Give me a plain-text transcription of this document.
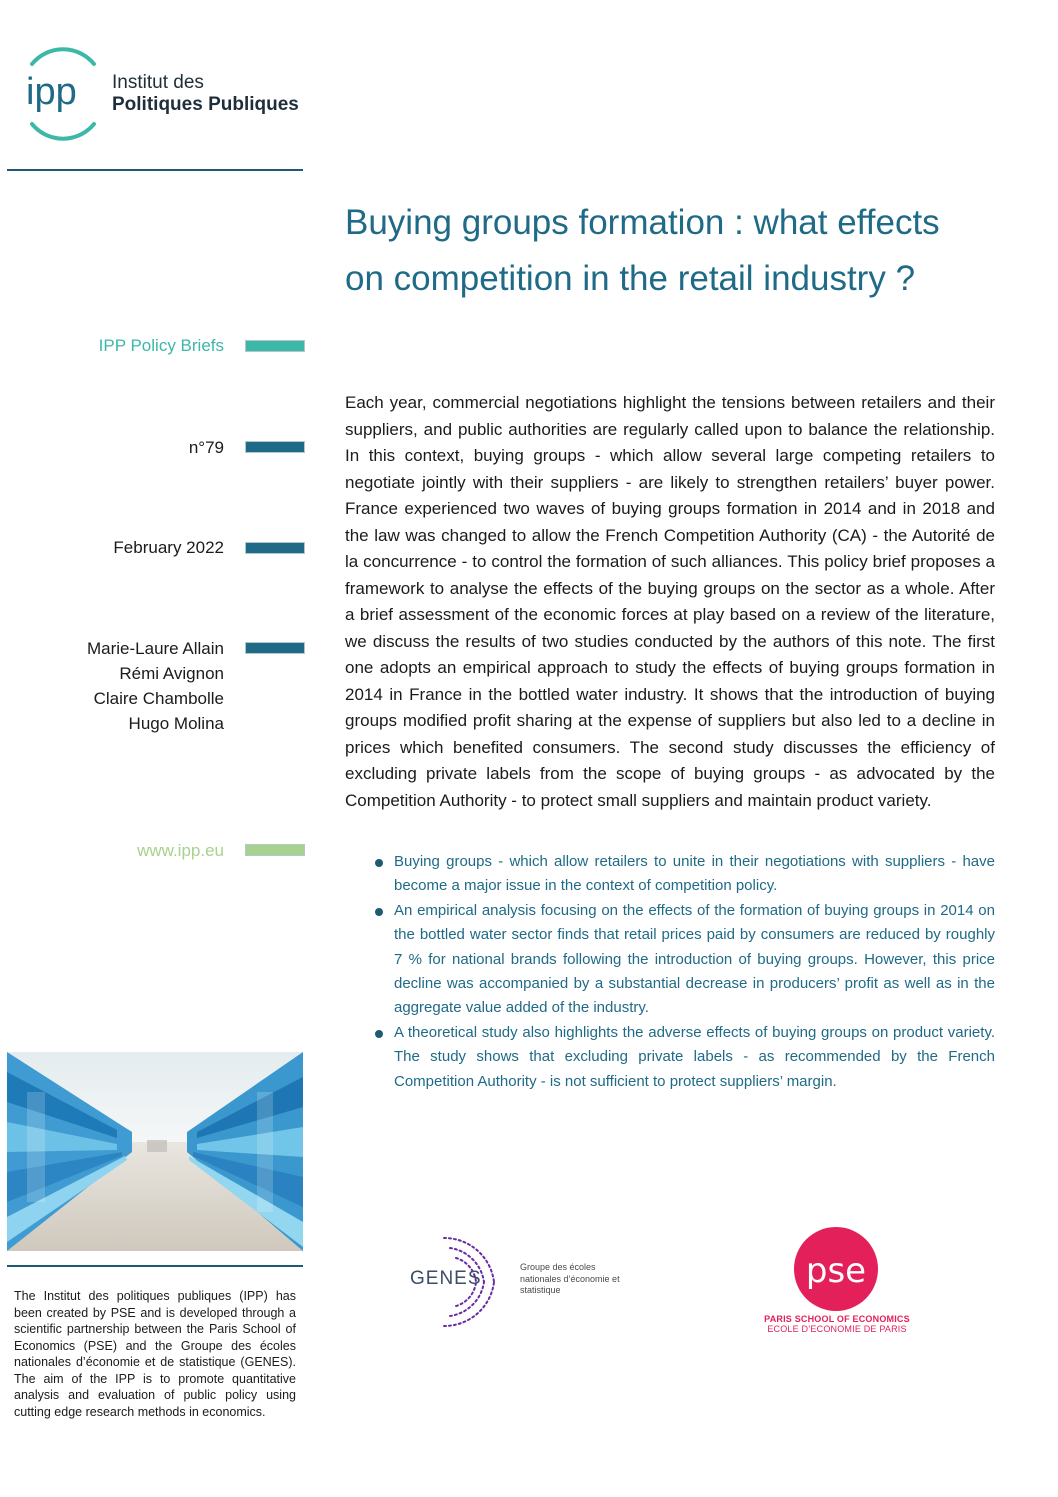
ipp Institut des
Politiques Publiques
Buying groups formation : what effects
on competition in the retail industry ?
IPP Policy Briefs
n°79
February 2022
Marie-Laure Allain
Rémi Avignon
Claire Chambolle
Hugo Molina
www.ipp.eu
Each year, commercial negotiations highlight the tensions between retailers and their suppliers, and public authorities are regularly called upon to balance the relationship. In this context, buying groups - which allow several large competing retailers to negotiate jointly with their suppliers - are likely to strengthen retailers’ buyer power. France experienced two waves of buying groups formation in 2014 and in 2018 and the law was changed to allow the French Competition Authority (CA) - the Autorité de la concurrence - to control the formation of such alliances. This policy brief proposes a framework to analyse the effects of the buying groups on the sector as a whole. After a brief assessment of the economic forces at play based on a review of the literature, we discuss the results of two studies conducted by the authors of this note. The first one adopts an empirical approach to study the effects of buying groups formation in 2014 in France in the bottled water industry. It shows that the introduction of buying groups modified profit sharing at the expense of suppliers but also led to a decline in prices which benefited consumers. The second study discusses the efficiency of excluding private labels from the scope of buying groups - as advocated by the Competition Authority - to protect small suppliers and maintain product variety.
Buying groups - which allow retailers to unite in their negotiations with suppliers - have become a major issue in the context of competition policy.
An empirical analysis focusing on the effects of the formation of buying groups in 2014 on the bottled water sector finds that retail prices paid by consumers are reduced by roughly 7 % for national brands following the introduction of buying groups. However, this price decline was accompanied by a substantial decrease in producers’ profit as well as in the aggregate value added of the industry.
A theoretical study also highlights the adverse effects of buying groups on product variety. The study shows that excluding private labels - as recommended by the French Competition Authority - is not sufficient to protect suppliers’ margin.
The Institut des politiques publiques (IPP) has been created by PSE and is developed through a scientific partnership between the Paris School of Economics (PSE) and the Groupe des écoles nationales d’économie et de statistique (GENES). The aim of the IPP is to promote quantitative analysis and evaluation of public policy using cutting edge research methods in economics.
GENES
Groupe des écoles nationales d’économie et statistique	pse
PARIS SCHOOL OF ECONOMICS
ECOLE D’ECONOMIE DE PARIS
